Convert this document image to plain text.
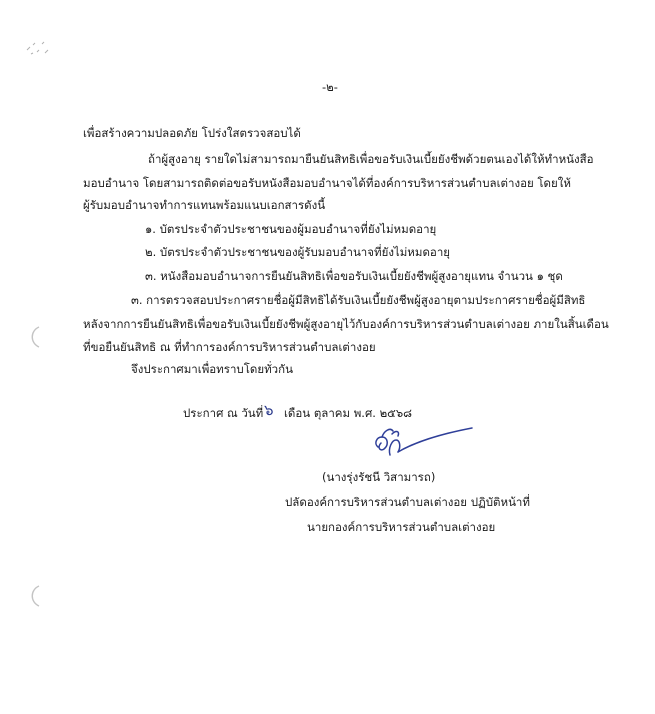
-๒-
เพื่อสร้างความปลอดภัย โปร่งใสตรวจสอบได้
ถ้าผู้สูงอายุ รายใดไม่สามารถมายืนยันสิทธิเพื่อขอรับเงินเบี้ยยังชีพด้วยตนเองได้ให้ทำหนังสือ
มอบอำนาจ โดยสามารถติดต่อขอรับหนังสือมอบอำนาจได้ที่องค์การบริหารส่วนตำบลเต่างอย โดยให้
ผู้รับมอบอำนาจทำการแทนพร้อมแนบเอกสารดังนี้
๑. บัตรประจำตัวประชาชนของผู้มอบอำนาจที่ยังไม่หมดอายุ
๒. บัตรประจำตัวประชาชนของผู้รับมอบอำนาจที่ยังไม่หมดอายุ
๓. หนังสือมอบอำนาจการยืนยันสิทธิเพื่อขอรับเงินเบี้ยยังชีพผู้สูงอายุแทน จำนวน ๑ ชุด
๓. การตรวจสอบประกาศรายชื่อผู้มีสิทธิได้รับเงินเบี้ยยังชีพผู้สูงอายุตามประกาศรายชื่อผู้มีสิทธิ
หลังจากการยืนยันสิทธิเพื่อขอรับเงินเบี้ยยังชีพผู้สูงอายุไว้กับองค์การบริหารส่วนตำบลเต่างอย ภายในสิ้นเดือน
ที่ขอยืนยันสิทธิ ณ ที่ทำการองค์การบริหารส่วนตำบลเต่างอย
จึงประกาศมาเพื่อทราบโดยทั่วกัน
ประกาศ ณ วันที่ ๖ เดือน ตุลาคม พ.ศ. ๒๕๖๘
(นางรุ่งรัชนี วิสามารถ)
ปลัดองค์การบริหารส่วนตำบลเต่างอย ปฏิบัติหน้าที่
นายกองค์การบริหารส่วนตำบลเต่างอย
